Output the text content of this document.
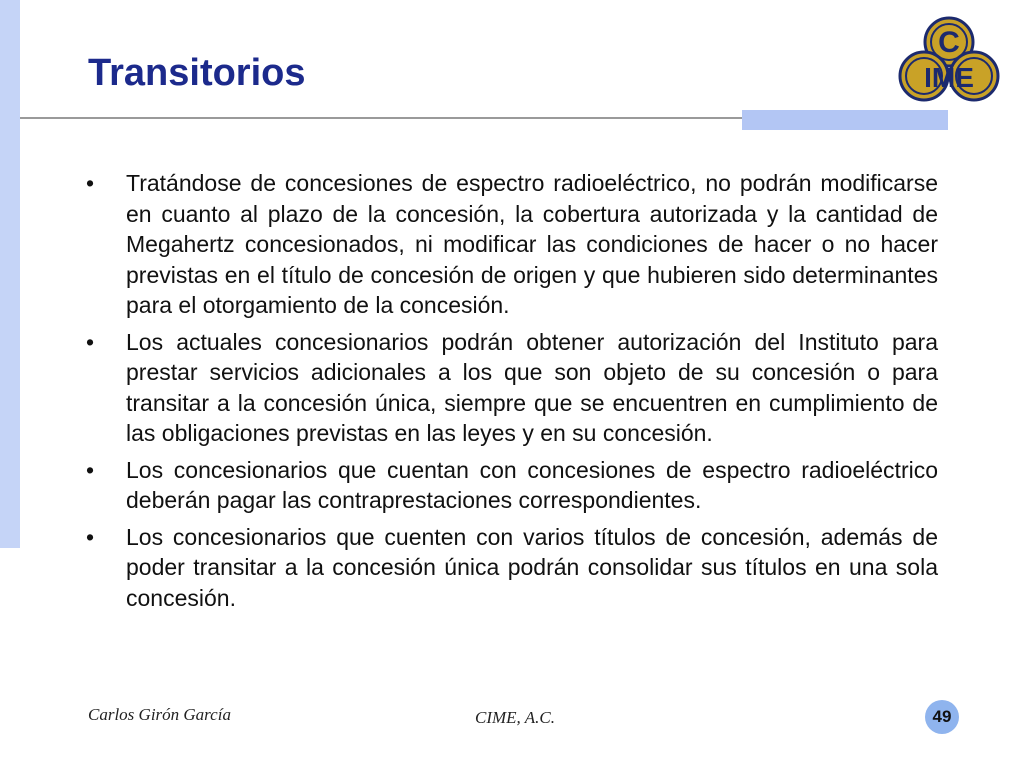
Transitorios
C
IME
• Tratándose de concesiones de espectro radioeléctrico, no podrán modificarse en cuanto al plazo de la concesión, la cobertura autorizada y la cantidad de Megahertz concesionados, ni modificar las condiciones de hacer o no hacer previstas en el título de concesión de origen y que hubieren sido determinantes para el otorgamiento de la concesión.
• Los actuales concesionarios podrán obtener autorización del Instituto para prestar servicios adicionales a los que son objeto de su concesión o para transitar a la concesión única, siempre que se encuentren en cumplimiento de las obligaciones previstas en las leyes y en su concesión.
• Los concesionarios que cuentan con concesiones de espectro radioeléctrico deberán pagar las contraprestaciones correspondientes.
• Los concesionarios que cuenten con varios títulos de concesión, además de poder transitar a la concesión única podrán consolidar sus títulos en una sola concesión.
Carlos Girón García	CIME, A.C.	49
